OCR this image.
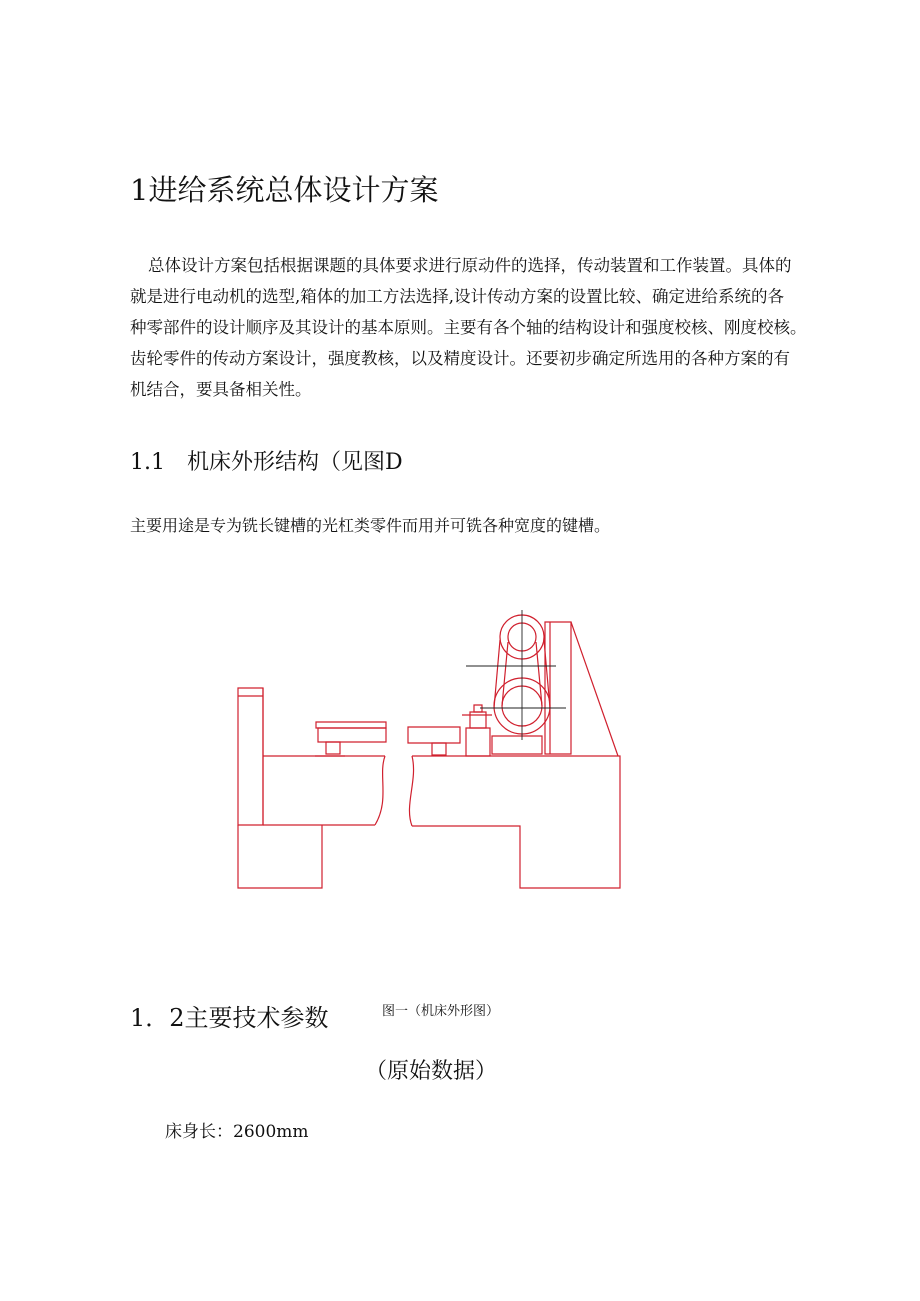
1进给系统总体设计方案
总体设计方案包括根据课题的具体要求进行原动件的选择，传动装置和工作装置。具体的
就是进行电动机的选型,箱体的加工方法选择,设计传动方案的设置比较、确定进给系统的各
种零部件的设计顺序及其设计的基本原则。主要有各个轴的结构设计和强度校核、刚度校核。
齿轮零件的传动方案设计，强度教核，以及精度设计。还要初步确定所选用的各种方案的有
机结合，要具备相关性。
1.1 机床外形结构（见图D
主要用途是专为铣长键槽的光杠类零件而用并可铣各种宽度的键槽。
1．2主要技术参数	图一（机床外形图）
（原始数据）
床身长：2600mm
